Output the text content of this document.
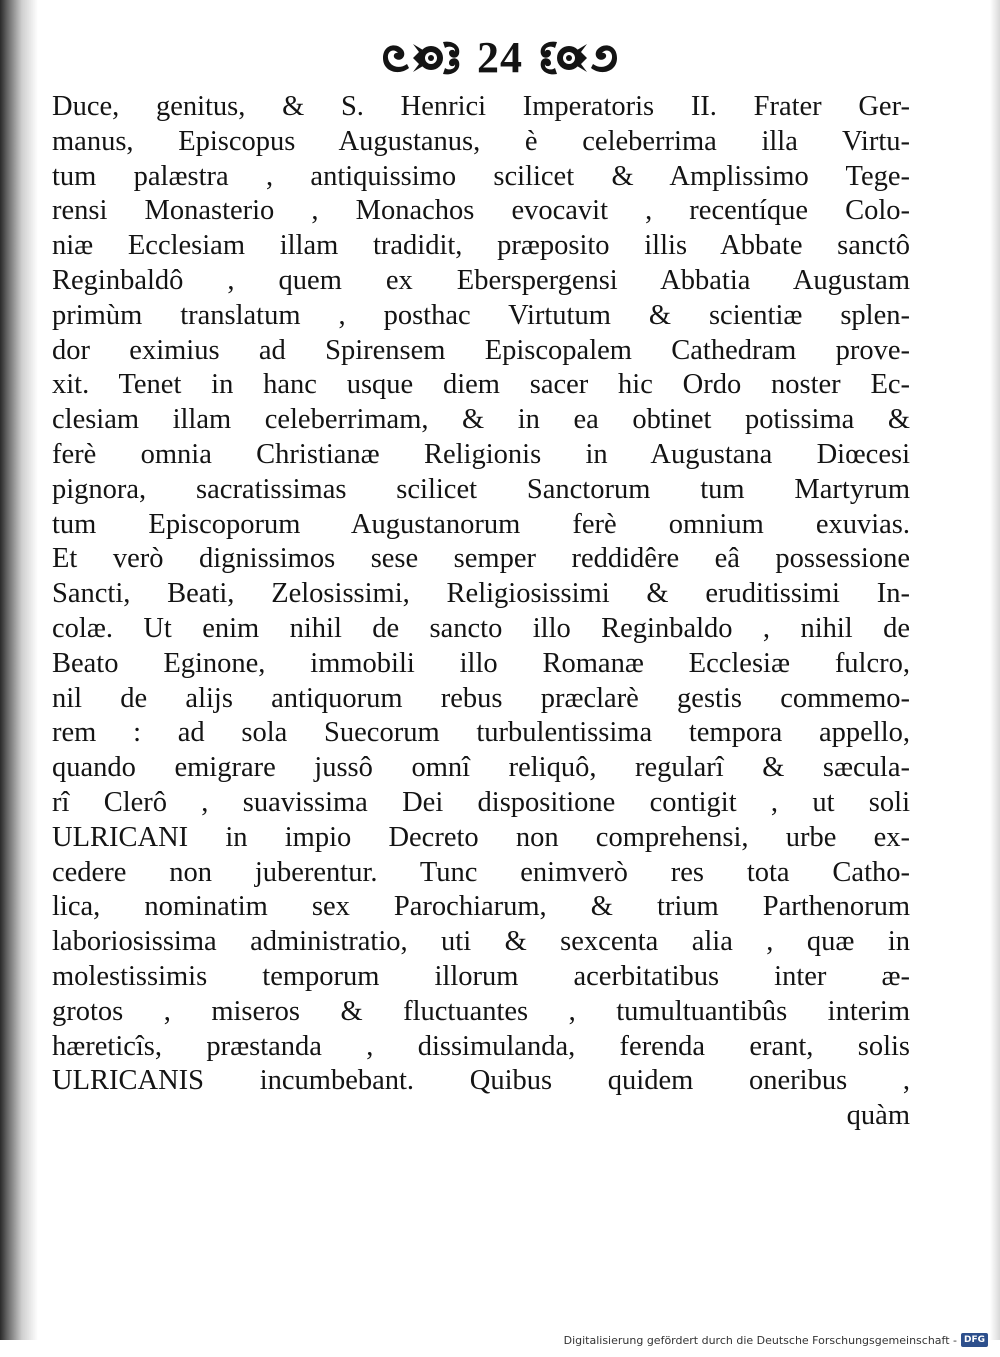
24
Duce, genitus, & S. Henrici Imperatoris II. Frater Ger-
manus, Episcopus Augustanus, è celeberrima illa Virtu-
tum palæstra , antiquissimo scilicet & Amplissimo Tege-
rensi Monasterio , Monachos evocavit , recentíque Colo-
niæ Ecclesiam illam tradidit, præposito illis Abbate sanctô
Reginbaldô , quem ex Eberspergensi Abbatia Augustam
primùm translatum , posthac Virtutum & scientiæ splen-
dor eximius ad Spirensem Episcopalem Cathedram prove-
xit. Tenet in hanc usque diem sacer hic Ordo noster Ec-
clesiam illam celeberrimam, & in ea obtinet potissima &
ferè omnia Christianæ Religionis in Augustana Diœcesi
pignora, sacratissimas scilicet Sanctorum tum Martyrum
tum Episcoporum Augustanorum ferè omnium exuvias.
Et verò dignissimos sese semper reddidêre eâ possessione
Sancti, Beati, Zelosissimi, Religiosissimi & eruditissimi In-
colæ. Ut enim nihil de sancto illo Reginbaldo , nihil de
Beato Eginone, immobili illo Romanæ Ecclesiæ fulcro,
nil de alijs antiquorum rebus præclarè gestis commemo-
rem : ad sola Suecorum turbulentissima tempora appello,
quando emigrare jussô omnî reliquô, regularî & sæcula-
rî Clerô , suavissima Dei dispositione contigit , ut soli
ULRICANI in impio Decreto non comprehensi, urbe ex-
cedere non juberentur. Tunc enimverò res tota Catho-
lica, nominatim sex Parochiarum, & trium Parthenorum
laboriosissima administratio, uti & sexcenta alia , quæ in
molestissimis temporum illorum acerbitatibus inter æ-
grotos , miseros & fluctuantes , tumultuantibûs interim
hæreticîs, præstanda , dissimulanda, ferenda erant, solis
ULRICANIS incumbebant. Quibus quidem oneribus ,
quàm
Digitalisierung gefördert durch die Deutsche Forschungsgemeinschaft - DFG
